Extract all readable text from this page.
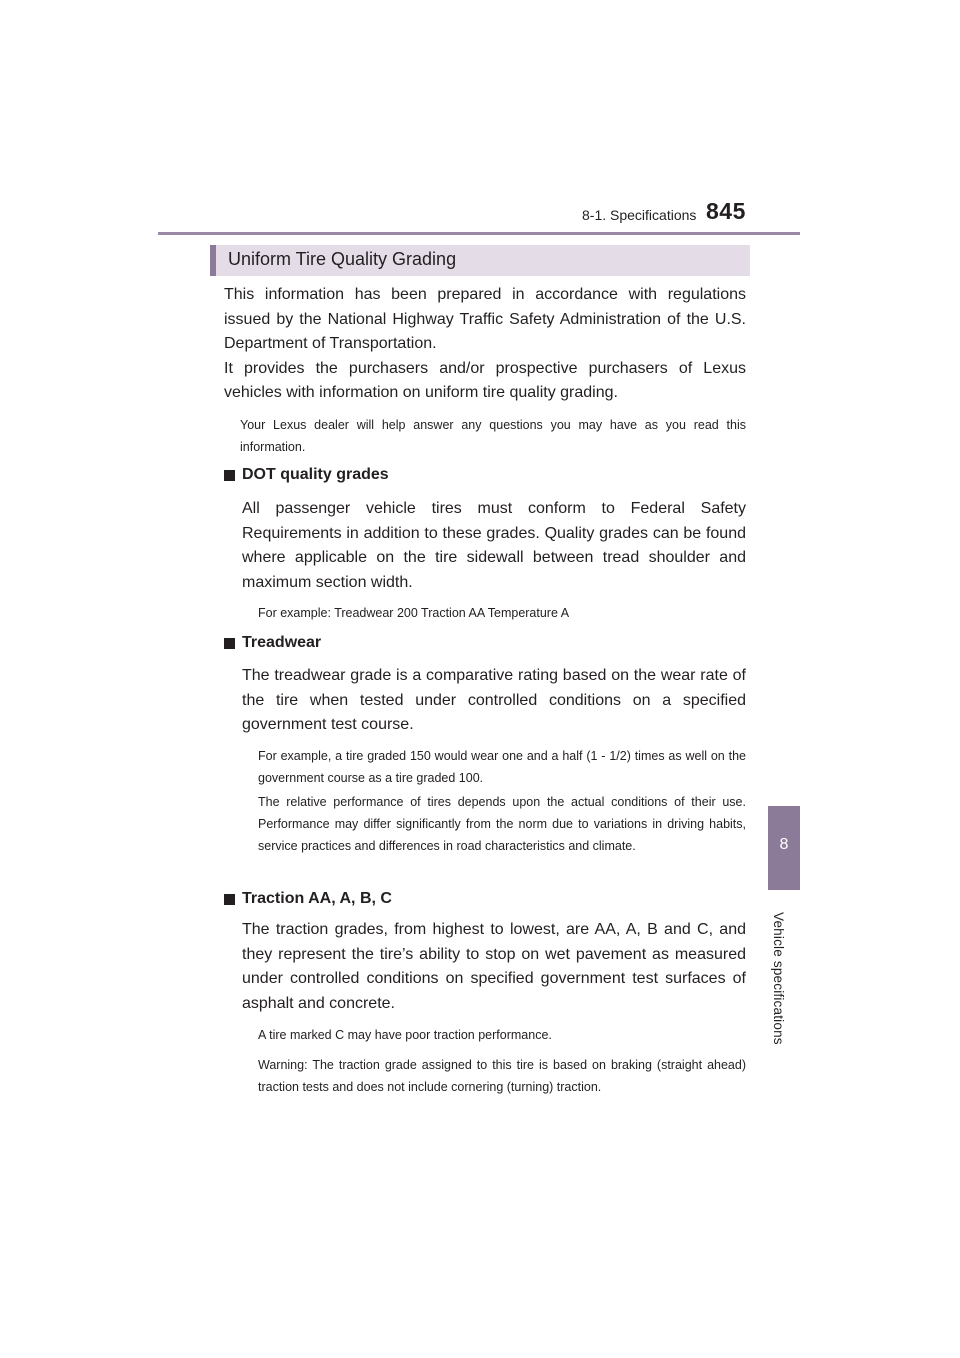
8-1. Specifications 845
8
Vehicle specifications
Uniform Tire Quality Grading

This information has been prepared in accordance with regulations issued by the National Highway Traffic Safety Administration of the U.S. Department of Transportation.

It provides the purchasers and/or prospective purchasers of Lexus vehicles with information on uniform tire quality grading.

Your Lexus dealer will help answer any questions you may have as you read this information.
DOT quality grades

All passenger vehicle tires must conform to Federal Safety Requirements in addition to these grades. Quality grades can be found where applicable on the tire sidewall between tread shoulder and maximum section width.

For example: Treadwear 200 Traction AA Temperature A
Treadwear

The treadwear grade is a comparative rating based on the wear rate of the tire when tested under controlled conditions on a specified government test course.

For example, a tire graded 150 would wear one and a half (1 - 1/2) times as well on the government course as a tire graded 100.
The relative performance of tires depends upon the actual conditions of their use. Performance may differ significantly from the norm due to variations in driving habits, service practices and differences in road characteristics and climate.
Traction AA, A, B, C

The traction grades, from highest to lowest, are AA, A, B and C, and they represent the tire’s ability to stop on wet pavement as measured under controlled conditions on specified government test surfaces of asphalt and concrete.

A tire marked C may have poor traction performance.
Warning: The traction grade assigned to this tire is based on braking (straight ahead) traction tests and does not include cornering (turning) traction.
